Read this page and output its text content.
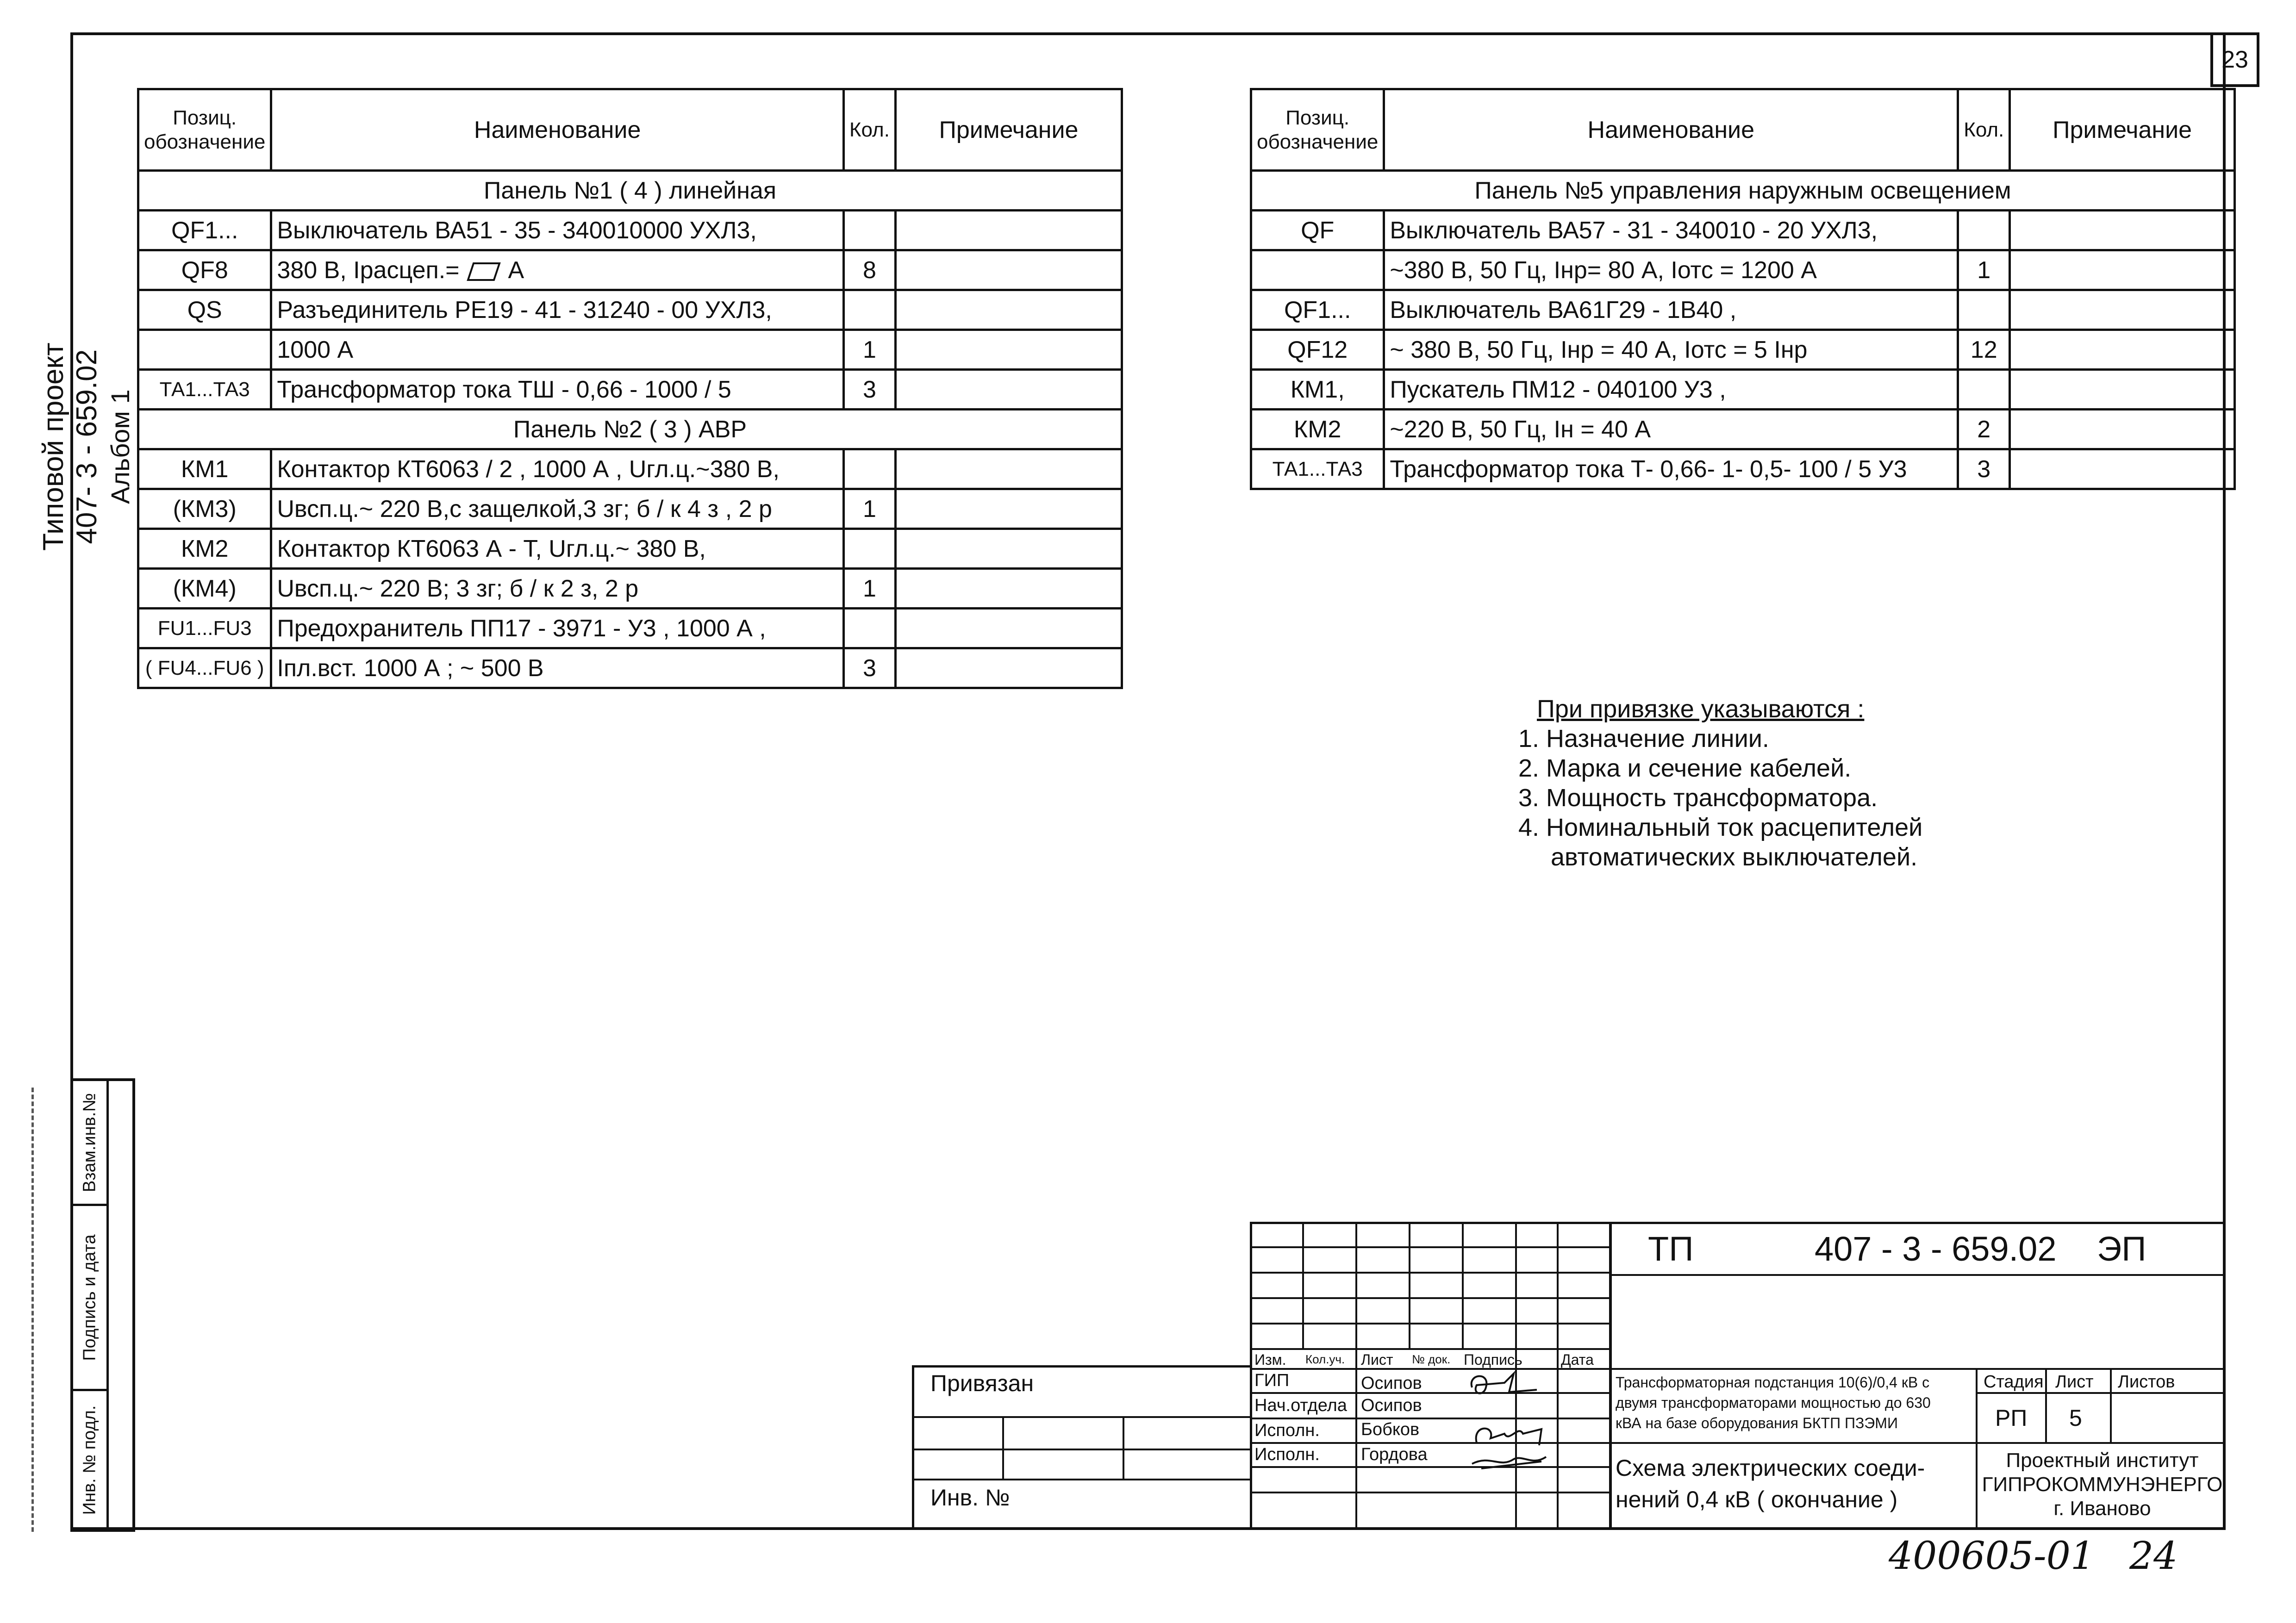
23
Типовой проект 407- 3 - 659.02 Альбом 1
Взам.инв.№
Подпись и дата
Инв. № подл.
Позиц.
обозначение	Наименование	Кол.	Примечание
Панель №1 ( 4 ) линейная			
QF1...	Выключатель ВА51 - 35 - 340010000 УХЛ3,		
QF8	380 В, Iрасцеп.= А	8	
QS	Разъединитель РЕ19 - 41 - 31240 - 00 УХЛ3,		
	1000 А	1	
ТА1...ТА3	Трансформатор тока ТШ - 0,66 - 1000 / 5	3	
Панель №2 ( 3 ) АВР			
КМ1	Контактор КТ6063 / 2 , 1000 А , Uгл.ц.~380 В,		
(КМ3)	Uвсп.ц.~ 220 В,с защелкой,3 зг; б / к 4 з , 2 р	1	
КМ2	Контактор КТ6063 А - Т, Uгл.ц.~ 380 В,		
(КМ4)	Uвсп.ц.~ 220 В; 3 зг; б / к 2 з, 2 р	1	
FU1...FU3	Предохранитель ПП17 - 3971 - У3 , 1000 А ,		
( FU4...FU6 )	Iпл.вст. 1000 А ; ~ 500 В	3	
Позиц.
обозначение	Наименование	Кол.	Примечание
Панель №5 управления наружным освещением			
QF	Выключатель ВА57 - 31 - 340010 - 20 УХЛ3,		
	~380 В, 50 Гц, Iнр= 80 А, Iотс = 1200 А	1	
QF1...	Выключатель ВА61Г29 - 1В40 ,		
QF12	~ 380 В, 50 Гц, Iнр = 40 А, Iотс = 5 Iнр	12	
КМ1,	Пускатель ПМ12 - 040100 У3 ,		
КМ2	~220 В, 50 Гц, Iн = 40 А	2	
ТА1...ТА3	Трансформатор тока Т- 0,66- 1- 0,5- 100 / 5 У3	3	
При привязке указываются :
1. Назначение линии.
2. Марка и сечение кабелей.
3. Мощность трансформатора.
4. Номинальный ток расцепителей
автоматических выключателей.
Привязан
Инв. №
ТП	407 - 3 - 659.02 ЭП
Изм. Кол.уч. Лист № док. Подпись	Дата
ГИП	Осипов
Нач.отдела Осипов
Исполн. Бобков
Исполн. Гордова
Трансформаторная подстанция 10(6)/0,4 кВ с
двумя трансформаторами мощностью до 630
кВА на базе оборудования БКТП ПЗЭМИ
Стадия Лист Листов
РП 5
Схема электрических соеди-
нений 0,4 кВ ( окончание )
Проектный институт
ГИПРОКОММУНЭНЕРГО
г. Иваново
400605-01 24
